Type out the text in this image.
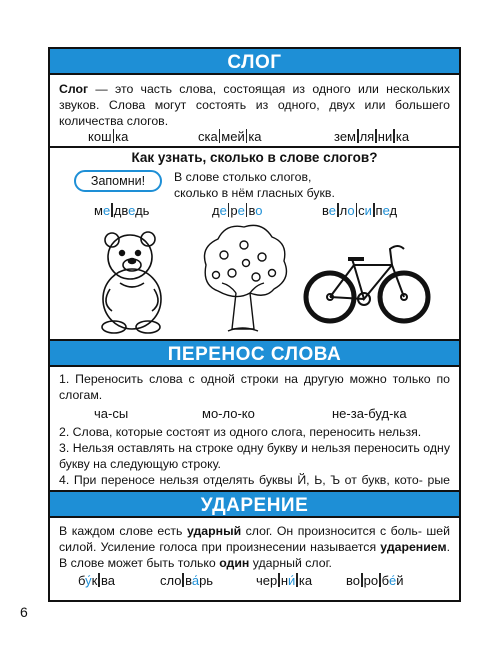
СЛОГ
Слог — это часть слова, состоящая из одного или нескольких звуков. Слова могут состоять из одного, двух или большего количества слогов.
кош ка	ска мей ка	зем ля ни ка
Как узнать, сколько в слове слогов?
Запомни!	В слове столько слогов,
сколько в нём гласных букв.
ме дведь	де ре во	ве ло си пед
ПЕРЕНОС СЛОВА
1. Переносить слова с одной строки на другую можно только по слогам.
ча-сы	мо-ло-ко	не-за-буд-ка
2. Слова, которые состоят из одного слога, переносить нельзя.
3. Нельзя оставлять на строке одну букву и нельзя переносить одну букву на следующую строку.
4. При переносе нельзя отделять буквы Й, Ь, Ъ от букв, кото- рые
УДАРЕНИЕ
В каждом слове есть ударный слог. Он произносится с боль- шей силой. Усиление голоса при произнесении называется ударением. В слове может быть только один ударный слог.
бу́к ва	сло ва́рь	чер ни́ ка	во ро бе́й
6
